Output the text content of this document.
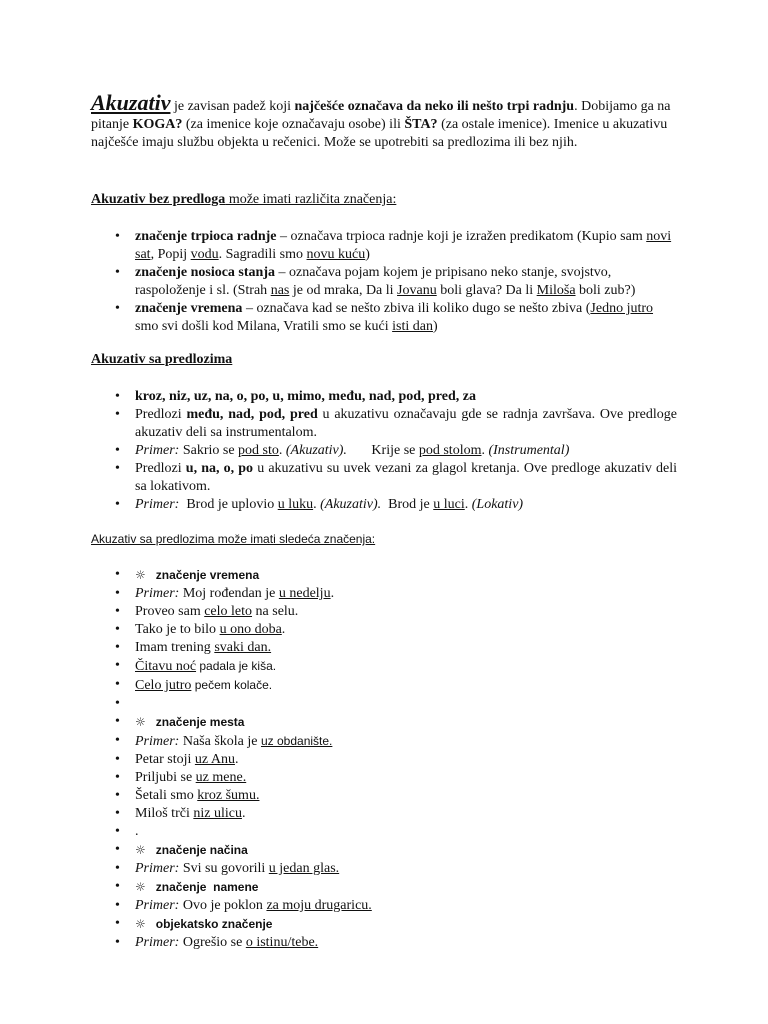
Akuzativ je zavisan padež koji najčešće označava da neko ili nešto trpi radnju. Dobijamo ga na pitanje KOGA? (za imenice koje označavaju osobe) ili ŠTA? (za ostale imenice). Imenice u akuzativu najčešće imaju službu objekta u rečenici. Može se upotrebiti sa predlozima ili bez njih.

Akuzativ bez predloga može imati različita značenja:
• značenje trpioca radnje – označava trpioca radnje koji je izražen predikatom (Kupio sam novi sat, Popij vodu. Sagradili smo novu kuću)
• značenje nosioca stanja – označava pojam kojem je pripisano neko stanje, svojstvo, raspoloženje i sl. (Strah nas je od mraka, Da li Jovanu boli glava? Da li Miloša boli zub?)
• značenje vremena – označava kad se nešto zbiva ili koliko dugo se nešto zbiva (Jedno jutro smo svi došli kod Milana, Vratili smo se kući isti dan)
Akuzativ sa predlozima
• kroz, niz, uz, na, o, po, u, mimo, među, nad, pod, pred, za
• Predlozi među, nad, pod, pred u akuzativu označavaju gde se radnja završava. Ove predloge akuzativ deli sa instrumentalom.
• Primer: Sakrio se pod sto. (Akuzativ).       Krije se pod stolom. (Instrumental)
• Predlozi u, na, o, po u akuzativu su uvek vezani za glagol kretanja. Ove predloge akuzativ deli sa lokativom.
• Primer:  Brod je uplovio u luku. (Akuzativ).  Brod je u luci. (Lokativ)
Akuzativ sa predlozima može imati sledeća značenja:
• ☼ značenje vremena
• Primer: Moj rođendan je u nedelju.
• Proveo sam celo leto na selu.
• Tako je to bilo u ono doba.
• Imam trening svaki dan.
• Čitavu noć padala je kiša.
• Celo jutro pečem kolače.
•
• ☼ značenje mesta
• Primer: Naša škola je uz obdanište.
• Petar stoji uz Anu.
• Priljubi se uz mene.
• Šetali smo kroz šumu.
• Miloš trči niz ulicu.
• .
• ☼ značenje načina
• Primer: Svi su govorili u jedan glas.
• ☼ značenje  namene
• Primer: Ovo je poklon za moju drugaricu.
• ☼ objekatsko značenje
• Primer: Ogrešio se o istinu/tebe.
